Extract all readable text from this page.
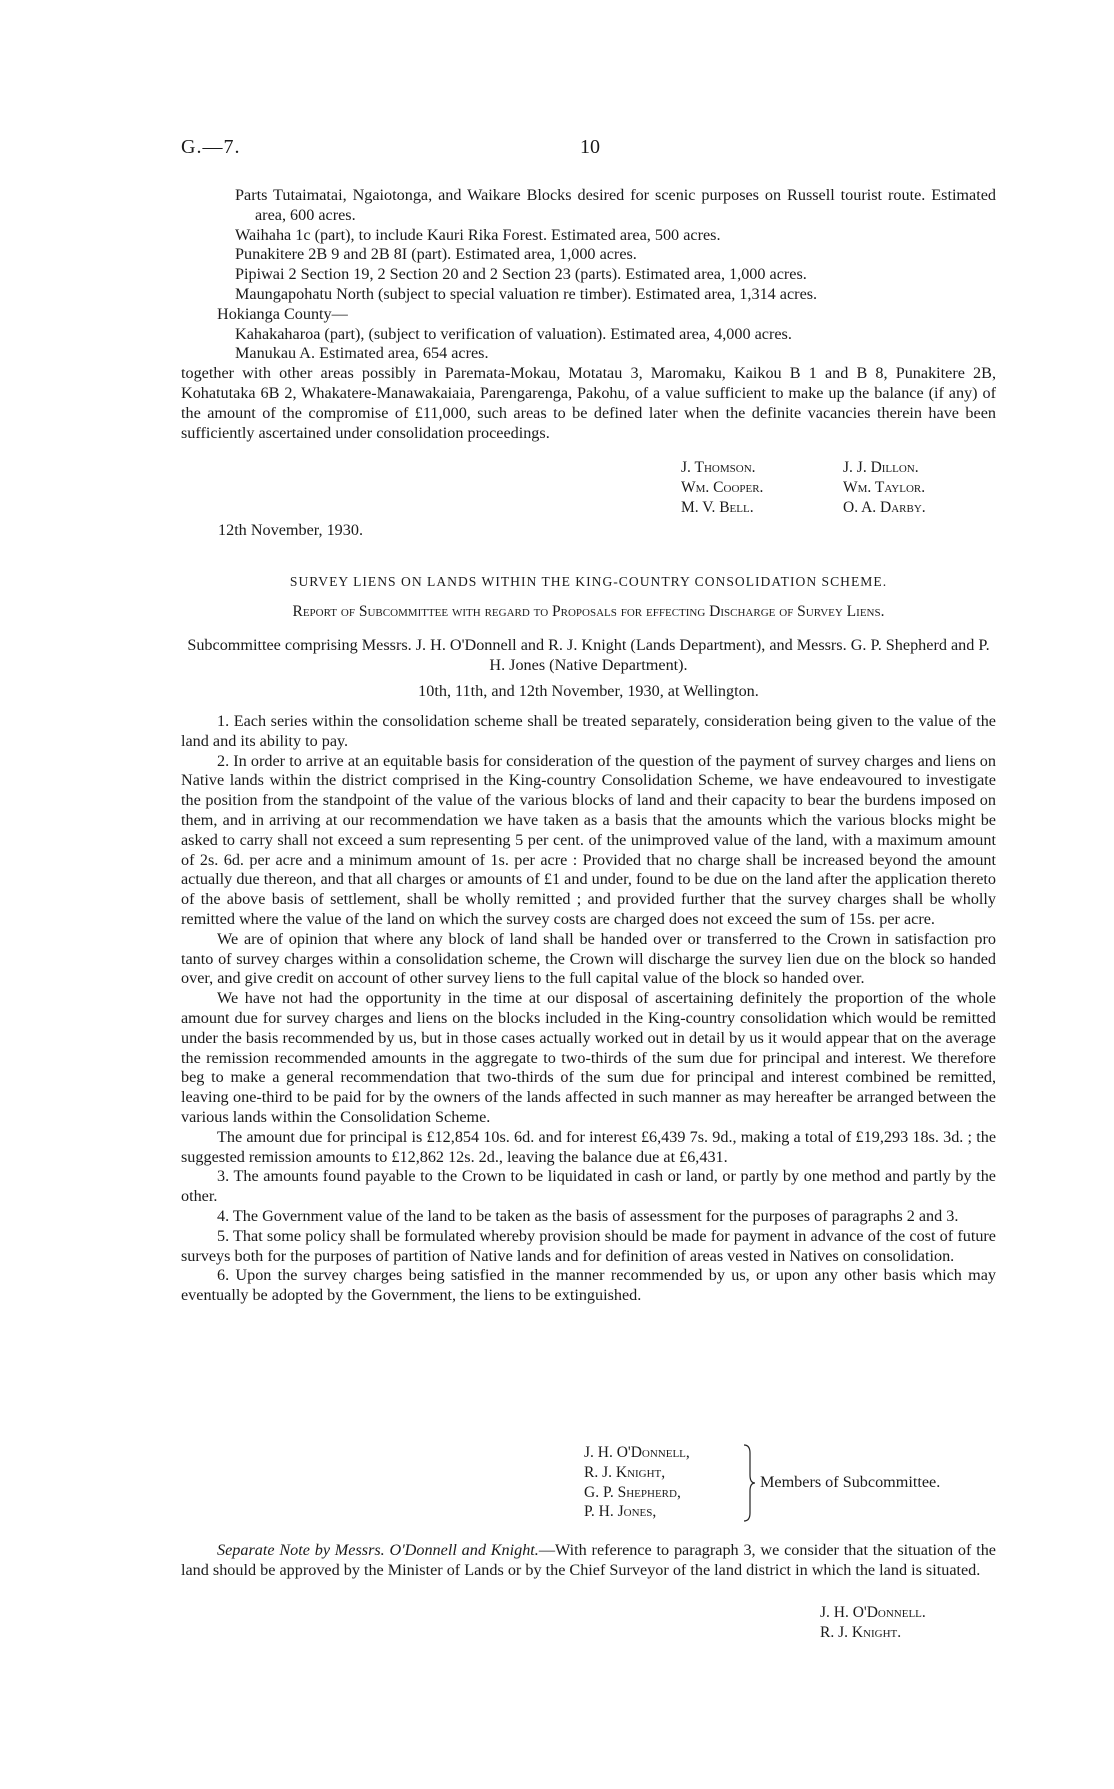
G.—7.	10
Parts Tutaimatai, Ngaiotonga, and Waikare Blocks desired for scenic purposes on Russell tourist route. Estimated area, 600 acres.
Waihaha 1c (part), to include Kauri Rika Forest. Estimated area, 500 acres.
Punakitere 2B 9 and 2B 8I (part). Estimated area, 1,000 acres.
Pipiwai 2 Section 19, 2 Section 20 and 2 Section 23 (parts). Estimated area, 1,000 acres.
Maungapohatu North (subject to special valuation re timber). Estimated area, 1,314 acres.
Hokianga County—
Kahakaharoa (part), (subject to verification of valuation). Estimated area, 4,000 acres.
Manukau A. Estimated area, 654 acres.
together with other areas possibly in Paremata-Mokau, Motatau 3, Maromaku, Kaikou B 1 and B 8, Punakitere 2B, Kohatutaka 6B 2, Whakatere-Manawakaiaia, Parengarenga, Pakohu, of a value sufficient to make up the balance (if any) of the amount of the compromise of £11,000, such areas to be defined later when the definite vacancies therein have been sufficiently ascertained under consolidation proceedings.
J. Thomson.
Wm. Cooper.
M. V. Bell.
J. J. Dillon.
Wm. Taylor.
O. A. Darby.
12th November, 1930.
SURVEY LIENS ON LANDS WITHIN THE KING-COUNTRY CONSOLIDATION SCHEME.
Report of Subcommittee with regard to Proposals for effecting Discharge of Survey Liens.
Subcommittee comprising Messrs. J. H. O'Donnell and R. J. Knight (Lands Department), and Messrs. G. P. Shepherd and P. H. Jones (Native Department).
10th, 11th, and 12th November, 1930, at Wellington.

1. Each series within the consolidation scheme shall be treated separately, consideration being given to the value of the land and its ability to pay.

2. In order to arrive at an equitable basis for consideration of the question of the payment of survey charges and liens on Native lands within the district comprised in the King-country Consolidation Scheme, we have endeavoured to investigate the position from the standpoint of the value of the various blocks of land and their capacity to bear the burdens imposed on them, and in arriving at our recommendation we have taken as a basis that the amounts which the various blocks might be asked to carry shall not exceed a sum representing 5 per cent. of the unimproved value of the land, with a maximum amount of 2s. 6d. per acre and a minimum amount of 1s. per acre : Provided that no charge shall be increased beyond the amount actually due thereon, and that all charges or amounts of £1 and under, found to be due on the land after the application thereto of the above basis of settlement, shall be wholly remitted ; and provided further that the survey charges shall be wholly remitted where the value of the land on which the survey costs are charged does not exceed the sum of 15s. per acre.

We are of opinion that where any block of land shall be handed over or transferred to the Crown in satisfaction pro tanto of survey charges within a consolidation scheme, the Crown will discharge the survey lien due on the block so handed over, and give credit on account of other survey liens to the full capital value of the block so handed over.

We have not had the opportunity in the time at our disposal of ascertaining definitely the proportion of the whole amount due for survey charges and liens on the blocks included in the King-country consolidation which would be remitted under the basis recommended by us, but in those cases actually worked out in detail by us it would appear that on the average the remission recommended amounts in the aggregate to two-thirds of the sum due for principal and interest. We therefore beg to make a general recommendation that two-thirds of the sum due for principal and interest combined be remitted, leaving one-third to be paid for by the owners of the lands affected in such manner as may hereafter be arranged between the various lands within the Consolidation Scheme.

The amount due for principal is £12,854 10s. 6d. and for interest £6,439 7s. 9d., making a total of £19,293 18s. 3d. ; the suggested remission amounts to £12,862 12s. 2d., leaving the balance due at £6,431.

3. The amounts found payable to the Crown to be liquidated in cash or land, or partly by one method and partly by the other.

4. The Government value of the land to be taken as the basis of assessment for the purposes of paragraphs 2 and 3.

5. That some policy shall be formulated whereby provision should be made for payment in advance of the cost of future surveys both for the purposes of partition of Native lands and for definition of areas vested in Natives on consolidation.

6. Upon the survey charges being satisfied in the manner recommended by us, or upon any other basis which may eventually be adopted by the Government, the liens to be extinguished.

J. H. O'Donnell,
R. J. Knight,
G. P. Shepherd,
P. H. Jones,
Members of Subcommittee.

Separate Note by Messrs. O'Donnell and Knight.—With reference to paragraph 3, we consider that the situation of the land should be approved by the Minister of Lands or by the Chief Surveyor of the land district in which the land is situated.

J. H. O'Donnell.
R. J. Knight.
